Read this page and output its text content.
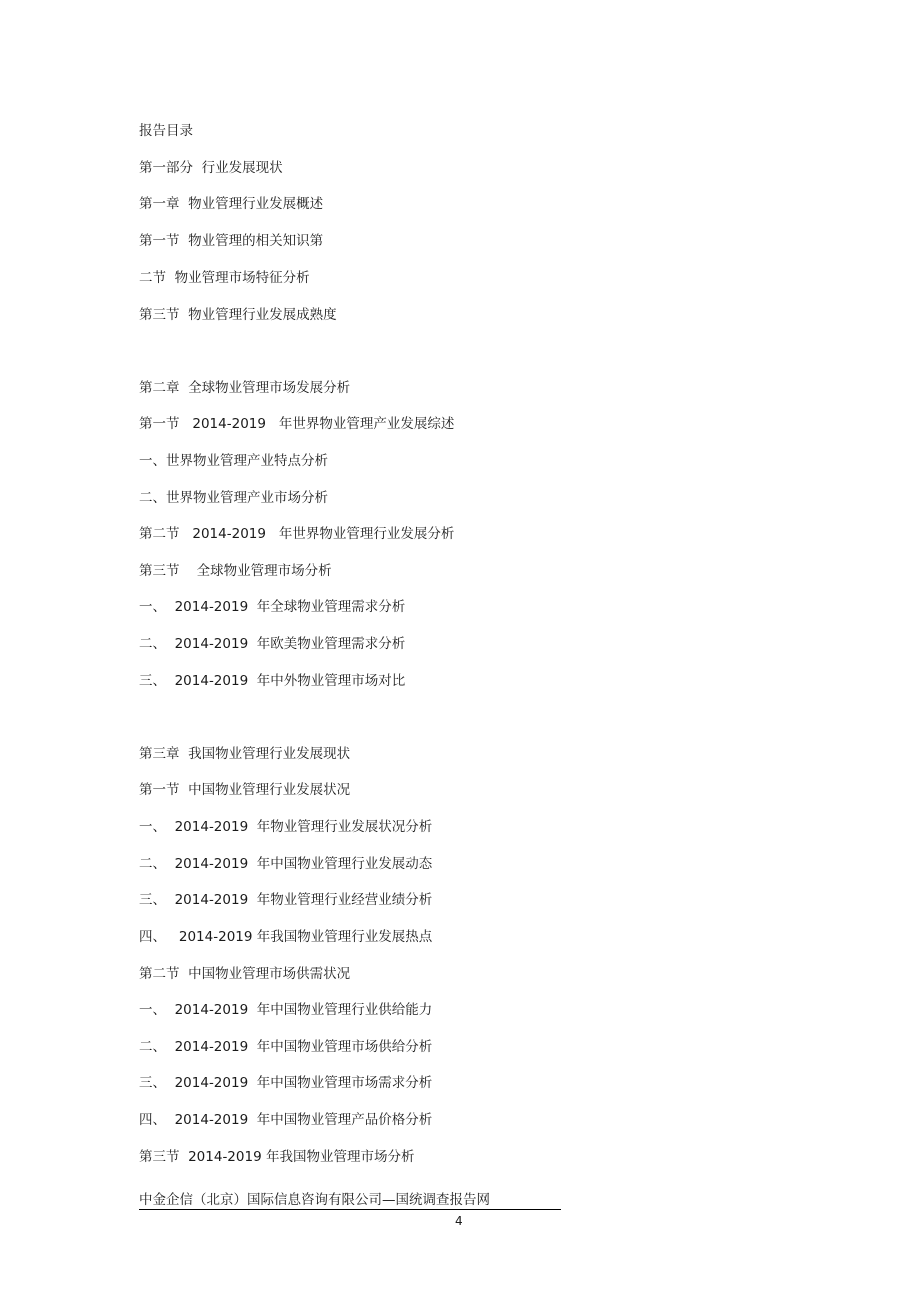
报告目录
第一部分  行业发展现状
第一章  物业管理行业发展概述
第一节  物业管理的相关知识第
二节  物业管理市场特征分析
第三节  物业管理行业发展成熟度
第二章  全球物业管理市场发展分析
第一节   2014-2019   年世界物业管理产业发展综述
一、世界物业管理产业特点分析
二、世界物业管理产业市场分析
第二节   2014-2019   年世界物业管理行业发展分析
第三节    全球物业管理市场分析
一、  2014-2019  年全球物业管理需求分析
二、  2014-2019  年欧美物业管理需求分析
三、  2014-2019  年中外物业管理市场对比
第三章  我国物业管理行业发展现状
第一节  中国物业管理行业发展状况
一、  2014-2019  年物业管理行业发展状况分析
二、  2014-2019  年中国物业管理行业发展动态
三、  2014-2019  年物业管理行业经营业绩分析
四、   2014-2019 年我国物业管理行业发展热点
第二节  中国物业管理市场供需状况
一、  2014-2019  年中国物业管理行业供给能力
二、  2014-2019  年中国物业管理市场供给分析
三、  2014-2019  年中国物业管理市场需求分析
四、  2014-2019  年中国物业管理产品价格分析
第三节  2014-2019 年我国物业管理市场分析
中金企信（北京）国际信息咨询有限公司—国统调查报告网
4
